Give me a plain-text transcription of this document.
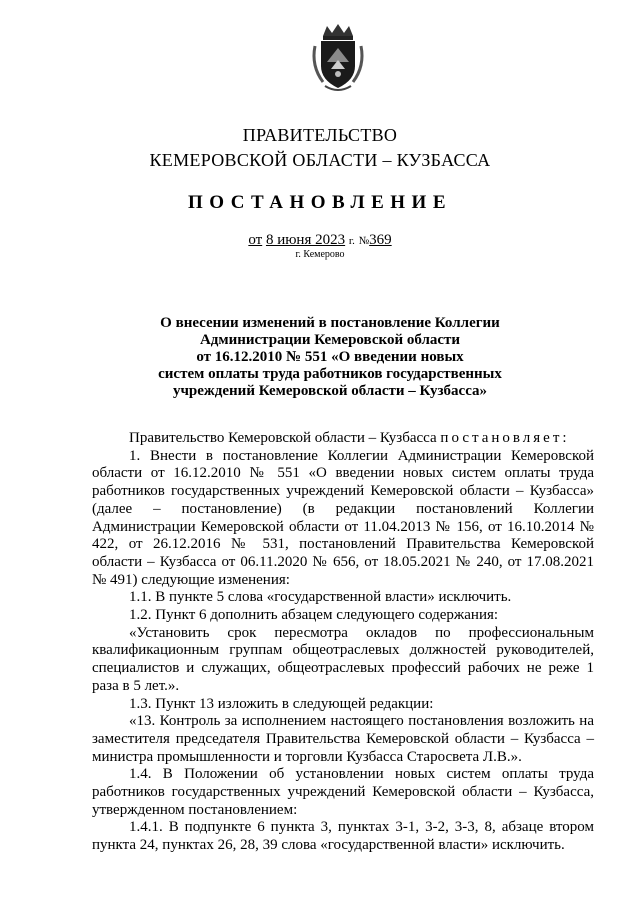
ПРАВИТЕЛЬСТВО
КЕМЕРОВСКОЙ ОБЛАСТИ – КУЗБАССА
ПОСТАНОВЛЕНИЕ
от 8 июня 2023 г. №369
г. Кемерово
О внесении изменений в постановление Коллегии
Администрации Кемеровской области
от 16.12.2010 № 551 «О введении новых
систем оплаты труда работников государственных
учреждений Кемеровской области – Кузбасса»

Правительство Кемеровской области – Кузбасса постановляет:

1. Внести в постановление Коллегии Администрации Кемеровской области от 16.12.2010 № 551 «О введении новых систем оплаты труда работников государственных учреждений Кемеровской области – Кузбасса» (далее – постановление) (в редакции постановлений Коллегии Администрации Кемеровской области от 11.04.2013 № 156, от 16.10.2014 № 422, от 26.12.2016 № 531, постановлений Правительства Кемеровской области – Кузбасса от 06.11.2020 № 656, от 18.05.2021 № 240, от 17.08.2021 № 491) следующие изменения:

1.1. В пункте 5 слова «государственной власти» исключить.

1.2. Пункт 6 дополнить абзацем следующего содержания:

«Установить срок пересмотра окладов по профессиональным квалификационным группам общеотраслевых должностей руководителей, специалистов и служащих, общеотраслевых профессий рабочих не реже 1 раза в 5 лет.».

1.3. Пункт 13 изложить в следующей редакции:

«13. Контроль за исполнением настоящего постановления возложить на заместителя председателя Правительства Кемеровской области – Кузбасса – министра промышленности и торговли Кузбасса Старосвета Л.В.».

1.4. В Положении об установлении новых систем оплаты труда работников государственных учреждений Кемеровской области – Кузбасса, утвержденном постановлением:

1.4.1. В подпункте 6 пункта 3, пунктах 3-1, 3-2, 3-3, 8, абзаце втором пункта 24, пунктах 26, 28, 39 слова «государственной власти» исключить.
